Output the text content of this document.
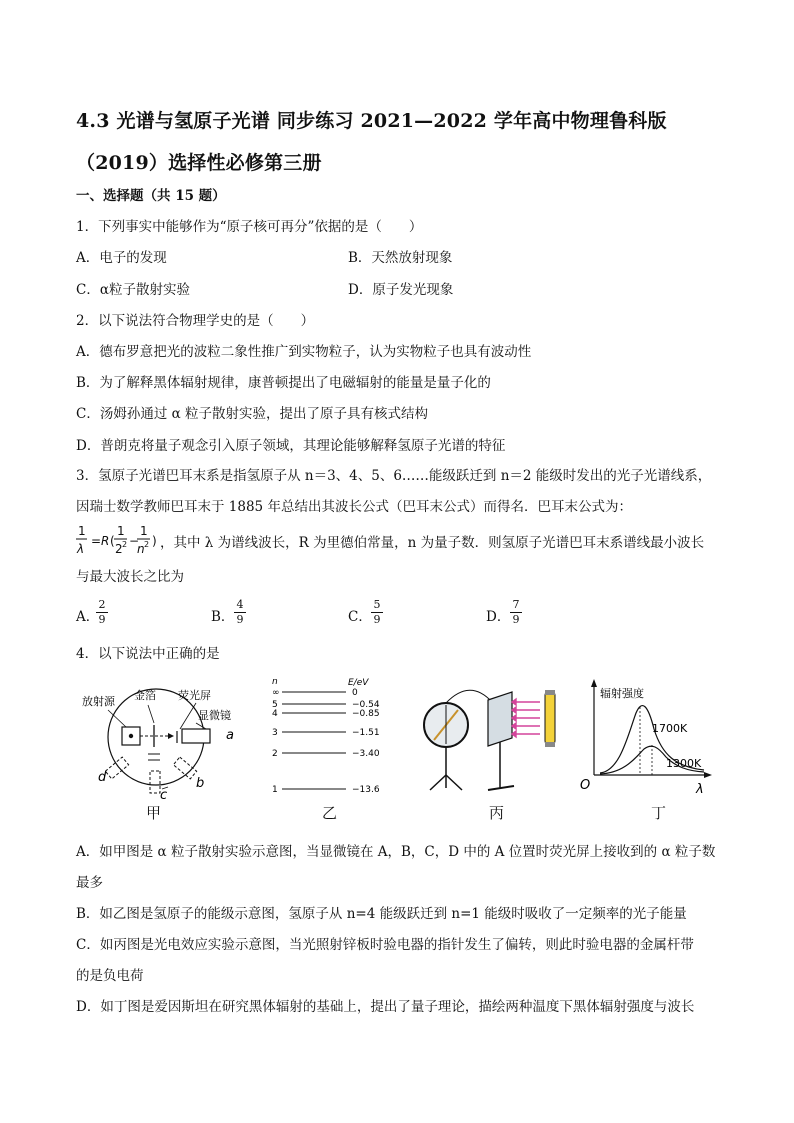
4.3 光谱与氢原子光谱 同步练习 2021—2022 学年高中物理鲁科版
（2019）选择性必修第三册
一、选择题（共 15 题）
1．下列事实中能够作为“原子核可再分”依据的是（　　）
A．电子的发现	B．天然放射现象
C．α粒子散射实验	D．原子发光现象
2．以下说法符合物理学史的是（　　）
A．德布罗意把光的波粒二象性推广到实物粒子，认为实物粒子也具有波动性
B．为了解释黑体辐射规律，康普顿提出了电磁辐射的能量是量子化的
C．汤姆孙通过 α 粒子散射实验，提出了原子具有核式结构
D．普朗克将量子观念引入原子领域，其理论能够解释氢原子光谱的特征
3．氢原子光谱巴耳末系是指氢原子从 n＝3、4、5、6……能级跃迁到 n＝2 能级时发出的光子光谱线系，
因瑞士数学教师巴耳末于 1885 年总结出其波长公式（巴耳末公式）而得名．巴耳末公式为：
1
λ
= R (
1
2 2 −
1
n 2 ) ，其中 λ 为谱线波长，R 为里德伯常量，n 为量子数．则氢原子光谱巴耳末系谱线最小波长
与最大波长之比为
A．
2
9	B．
4
9	C．
5
9	D．
7
9
4．以下说法中正确的是
放射源 金箔 荧光屏
显微镜
a
b
c
d
甲
n	E/eV
∞	0
5	−0.54
4	−0.85
3	−1.51
2	−3.40
1	−13.6
乙	丙
辐射强度
1700K
1300K
O	λ
丁
A．如甲图是 α 粒子散射实验示意图，当显微镜在 A，B，C，D 中的 A 位置时荧光屏上接收到的 α 粒子数
最多
B．如乙图是氢原子的能级示意图，氢原子从 n=4 能级跃迁到 n=1 能级时吸收了一定频率的光子能量
C．如丙图是光电效应实验示意图，当光照射锌板时验电器的指针发生了偏转，则此时验电器的金属杆带
的是负电荷
D．如丁图是爱因斯坦在研究黑体辐射的基础上，提出了量子理论，描绘两种温度下黑体辐射强度与波长
